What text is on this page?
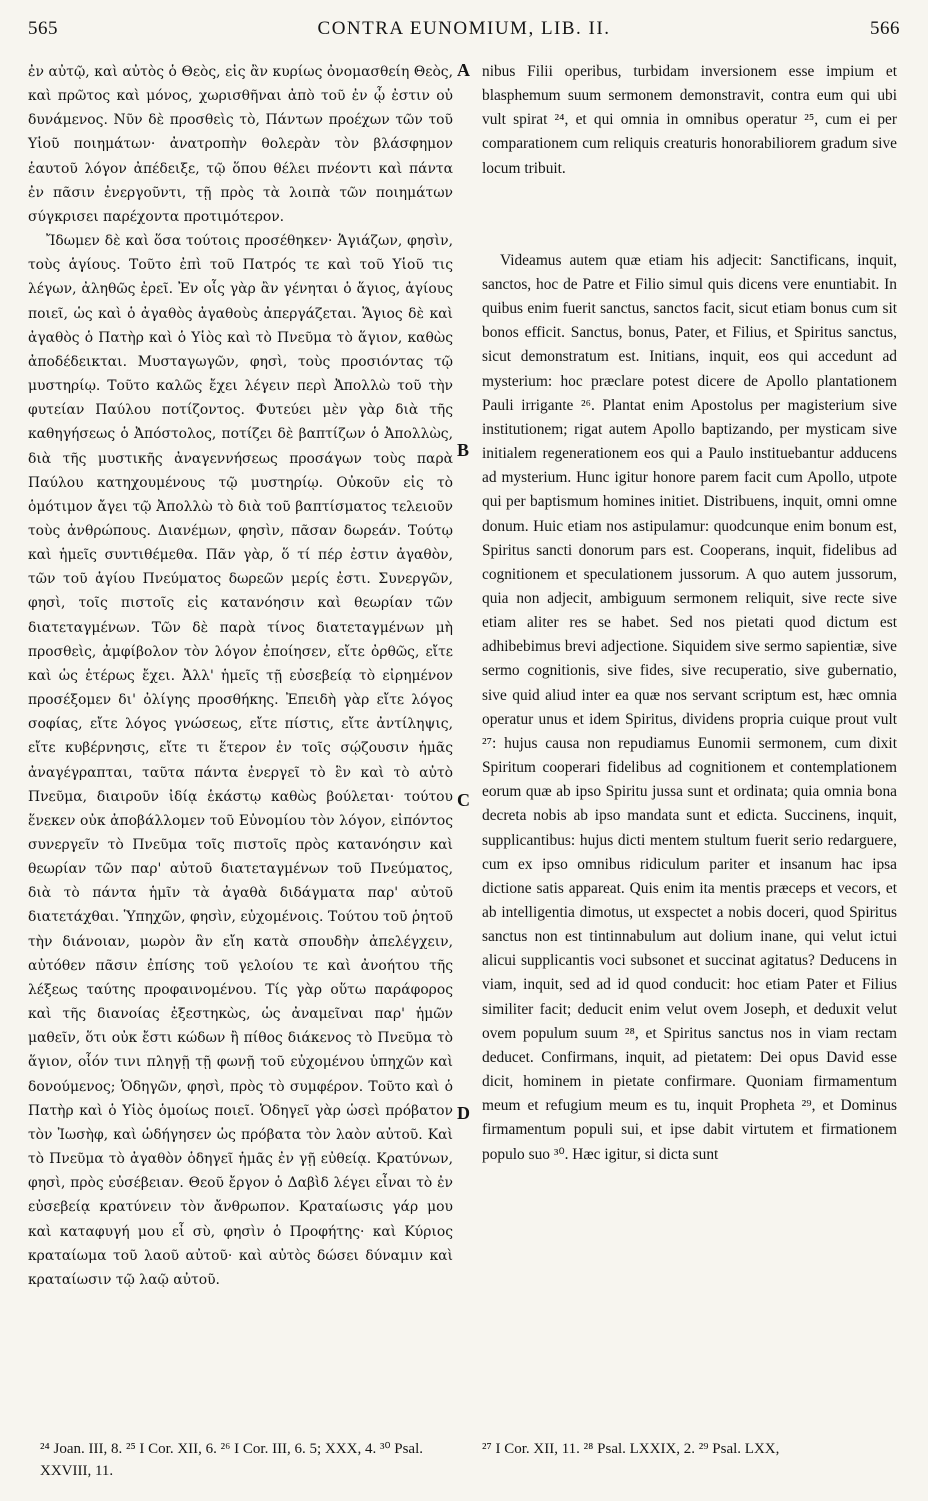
565	CONTRA EUNOMIUM, LIB. II.	566

ἐν αὐτῷ, καὶ αὐτὸς ὁ Θεὸς, εἰς ἂν κυρίως ὀνομασθείη Θεὸς, καὶ πρῶτος καὶ μόνος, χωρισθῆναι ἀπὸ τοῦ ἐν ᾧ ἐστιν οὐ δυνάμενος. Νῦν δὲ προσθεὶς τὸ, Πάντων προέχων τῶν τοῦ Υἱοῦ ποιημάτων· ἀνατροπὴν θολερὰν τὸν βλάσφημον ἑαυτοῦ λόγον ἀπέδειξε, τῷ ὅπου θέλει πνέοντι καὶ πάντα ἐν πᾶσιν ἐνεργοῦντι, τῇ πρὸς τὰ λοιπὰ τῶν ποιημάτων σύγκρισει παρέχοντα προτιμότερον.

Ἴδωμεν δὲ καὶ ὅσα τούτοις προσέθηκεν· Ἁγιάζων, φησὶν, τοὺς ἁγίους. Τοῦτο ἐπὶ τοῦ Πατρός τε καὶ τοῦ Υἱοῦ τις λέγων, ἀληθῶς ἐρεῖ. Ἐν οἷς γὰρ ἂν γένηται ὁ ἅγιος, ἁγίους ποιεῖ, ὡς καὶ ὁ ἀγαθὸς ἀγαθοὺς ἀπεργάζεται. Ἅγιος δὲ καὶ ἀγαθὸς ὁ Πατὴρ καὶ ὁ Υἱὸς καὶ τὸ Πνεῦμα τὸ ἅγιον, καθὼς ἀποδέδεικται. Μυσταγωγῶν, φησὶ, τοὺς προσιόντας τῷ μυστηρίῳ. Τοῦτο καλῶς ἔχει λέγειν περὶ Ἀπολλὼ τοῦ τὴν φυτείαν Παύλου ποτίζοντος. Φυτεύει μὲν γὰρ διὰ τῆς καθηγήσεως ὁ Ἀπόστολος, ποτίζει δὲ βαπτίζων ὁ Ἀπολλὼς, διὰ τῆς μυστικῆς ἀναγεννήσεως προσάγων τοὺς παρὰ Παύλου κατηχουμένους τῷ μυστηρίῳ. Οὐκοῦν εἰς τὸ ὁμότιμον ἄγει τῷ Ἀπολλὼ τὸ διὰ τοῦ βαπτίσματος τελειοῦν τοὺς ἀνθρώπους. Διανέμων, φησὶν, πᾶσαν δωρεάν. Τούτῳ καὶ ἡμεῖς συντιθέμεθα. Πᾶν γὰρ, ὅ τί πέρ ἐστιν ἀγαθὸν, τῶν τοῦ ἁγίου Πνεύματος δωρεῶν μερίς ἐστι. Συνεργῶν, φησὶ, τοῖς πιστοῖς εἰς κατανόησιν καὶ θεωρίαν τῶν διατεταγμένων. Τῶν δὲ παρὰ τίνος διατεταγμένων μὴ προσθεὶς, ἀμφίβολον τὸν λόγον ἐποίησεν, εἴτε ὀρθῶς, εἴτε καὶ ὡς ἑτέρως ἔχει. Ἀλλ' ἡμεῖς τῇ εὐσεβείᾳ τὸ εἰρημένον προσέξομεν δι' ὀλίγης προσθήκης. Ἐπειδὴ γὰρ εἴτε λόγος σοφίας, εἴτε λόγος γνώσεως, εἴτε πίστις, εἴτε ἀντίληψις, εἴτε κυβέρνησις, εἴτε τι ἕτερον ἐν τοῖς σῴζουσιν ἡμᾶς ἀναγέγραπται, ταῦτα πάντα ἐνεργεῖ τὸ ἓν καὶ τὸ αὐτὸ Πνεῦμα, διαιροῦν ἰδίᾳ ἑκάστῳ καθὼς βούλεται· τούτου ἕνεκεν οὐκ ἀποβάλλομεν τοῦ Εὐνομίου τὸν λόγον, εἰπόντος συνεργεῖν τὸ Πνεῦμα τοῖς πιστοῖς πρὸς κατανόησιν καὶ θεωρίαν τῶν παρ' αὐτοῦ διατεταγμένων τοῦ Πνεύματος, διὰ τὸ πάντα ἡμῖν τὰ ἀγαθὰ διδάγματα παρ' αὐτοῦ διατετάχθαι. Ὑπηχῶν, φησὶν, εὐχομένοις. Τούτου τοῦ ῥητοῦ τὴν διάνοιαν, μωρὸν ἂν εἴη κατὰ σπουδὴν ἀπελέγχειν, αὐτόθεν πᾶσιν ἐπίσης τοῦ γελοίου τε καὶ ἀνοήτου τῆς λέξεως ταύτης προφαινομένου. Τίς γὰρ οὕτω παράφορος καὶ τῆς διανοίας ἐξεστηκὼς, ὡς ἀναμεῖναι παρ' ἡμῶν μαθεῖν, ὅτι οὐκ ἔστι κώδων ἢ πίθος διάκενος τὸ Πνεῦμα τὸ ἅγιον, οἷόν τινι πληγῇ τῇ φωνῇ τοῦ εὐχομένου ὑπηχῶν καὶ δονούμενος; Ὁδηγῶν, φησὶ, πρὸς τὸ συμφέρον. Τοῦτο καὶ ὁ Πατὴρ καὶ ὁ Υἱὸς ὁμοίως ποιεῖ. Ὁδηγεῖ γὰρ ὡσεὶ πρόβατον τὸν Ἰωσὴφ, καὶ ὡδήγησεν ὡς πρόβατα τὸν λαὸν αὐτοῦ. Καὶ τὸ Πνεῦμα τὸ ἀγαθὸν ὁδηγεῖ ἡμᾶς ἐν γῇ εὐθείᾳ. Κρατύνων, φησὶ, πρὸς εὐσέβειαν. Θεοῦ ἔργον ὁ Δαβὶδ λέγει εἶναι τὸ ἐν εὐσεβείᾳ κρατύνειν τὸν ἄνθρωπον. Κραταίωσις γάρ μου καὶ καταφυγή μου εἶ σὺ, φησὶν ὁ Προφήτης· καὶ Κύριος κραταίωμα τοῦ λαοῦ αὐτοῦ· καὶ αὐτὸς δώσει δύναμιν καὶ κραταίωσιν τῷ λαῷ αὐτοῦ.

A
B
C
D

nibus Filii operibus, turbidam inversionem esse impium et blasphemum suum sermonem demonstravit, contra eum qui ubi vult spirat ²⁴, et qui omnia in omnibus operatur ²⁵, cum ei per comparationem cum reliquis creaturis honorabiliorem gradum sive locum tribuit.

Videamus autem quæ etiam his adjecit: Sanctificans, inquit, sanctos, hoc de Patre et Filio simul quis dicens vere enuntiabit. In quibus enim fuerit sanctus, sanctos facit, sicut etiam bonus cum sit bonos efficit. Sanctus, bonus, Pater, et Filius, et Spiritus sanctus, sicut demonstratum est. Initians, inquit, eos qui accedunt ad mysterium: hoc præclare potest dicere de Apollo plantationem Pauli irrigante ²⁶. Plantat enim Apostolus per magisterium sive institutionem; rigat autem Apollo baptizando, per mysticam sive initialem regenerationem eos qui a Paulo instituebantur adducens ad mysterium. Hunc igitur honore parem facit cum Apollo, utpote qui per baptismum homines initiet. Distribuens, inquit, omni omne donum. Huic etiam nos astipulamur: quodcunque enim bonum est, Spiritus sancti donorum pars est. Cooperans, inquit, fidelibus ad cognitionem et speculationem jussorum. A quo autem jussorum, quia non adjecit, ambiguum sermonem reliquit, sive recte sive etiam aliter res se habet. Sed nos pietati quod dictum est adhibebimus brevi adjectione. Siquidem sive sermo sapientiæ, sive sermo cognitionis, sive fides, sive recuperatio, sive gubernatio, sive quid aliud inter ea quæ nos servant scriptum est, hæc omnia operatur unus et idem Spiritus, dividens propria cuique prout vult ²⁷: hujus causa non repudiamus Eunomii sermonem, cum dixit Spiritum cooperari fidelibus ad cognitionem et contemplationem eorum quæ ab ipso Spiritu jussa sunt et ordinata; quia omnia bona decreta nobis ab ipso mandata sunt et edicta. Succinens, inquit, supplicantibus: hujus dicti mentem stultum fuerit serio redarguere, cum ex ipso omnibus ridiculum pariter et insanum hac ipsa dictione satis appareat. Quis enim ita mentis præceps et vecors, et ab intelligentia dimotus, ut exspectet a nobis doceri, quod Spiritus sanctus non est tintinnabulum aut dolium inane, qui velut ictui alicui supplicantis voci subsonet et succinat agitatus? Deducens in viam, inquit, sed ad id quod conducit: hoc etiam Pater et Filius similiter facit; deducit enim velut ovem Joseph, et deduxit velut ovem populum suum ²⁸, et Spiritus sanctus nos in viam rectam deducet. Confirmans, inquit, ad pietatem: Dei opus David esse dicit, hominem in pietate confirmare. Quoniam firmamentum meum et refugium meum es tu, inquit Propheta ²⁹, et Dominus firmamentum populi sui, et ipse dabit virtutem et firmationem populo suo ³⁰. Hæc igitur, si dicta sunt

²⁴ Joan. III, 8. ²⁵ I Cor. XII, 6. ²⁶ I Cor. III, 6. 5; XXX, 4. ³⁰ Psal. XXVIII, 11.
²⁷ I Cor. XII, 11. ²⁸ Psal. LXXIX, 2. ²⁹ Psal. LXX,
